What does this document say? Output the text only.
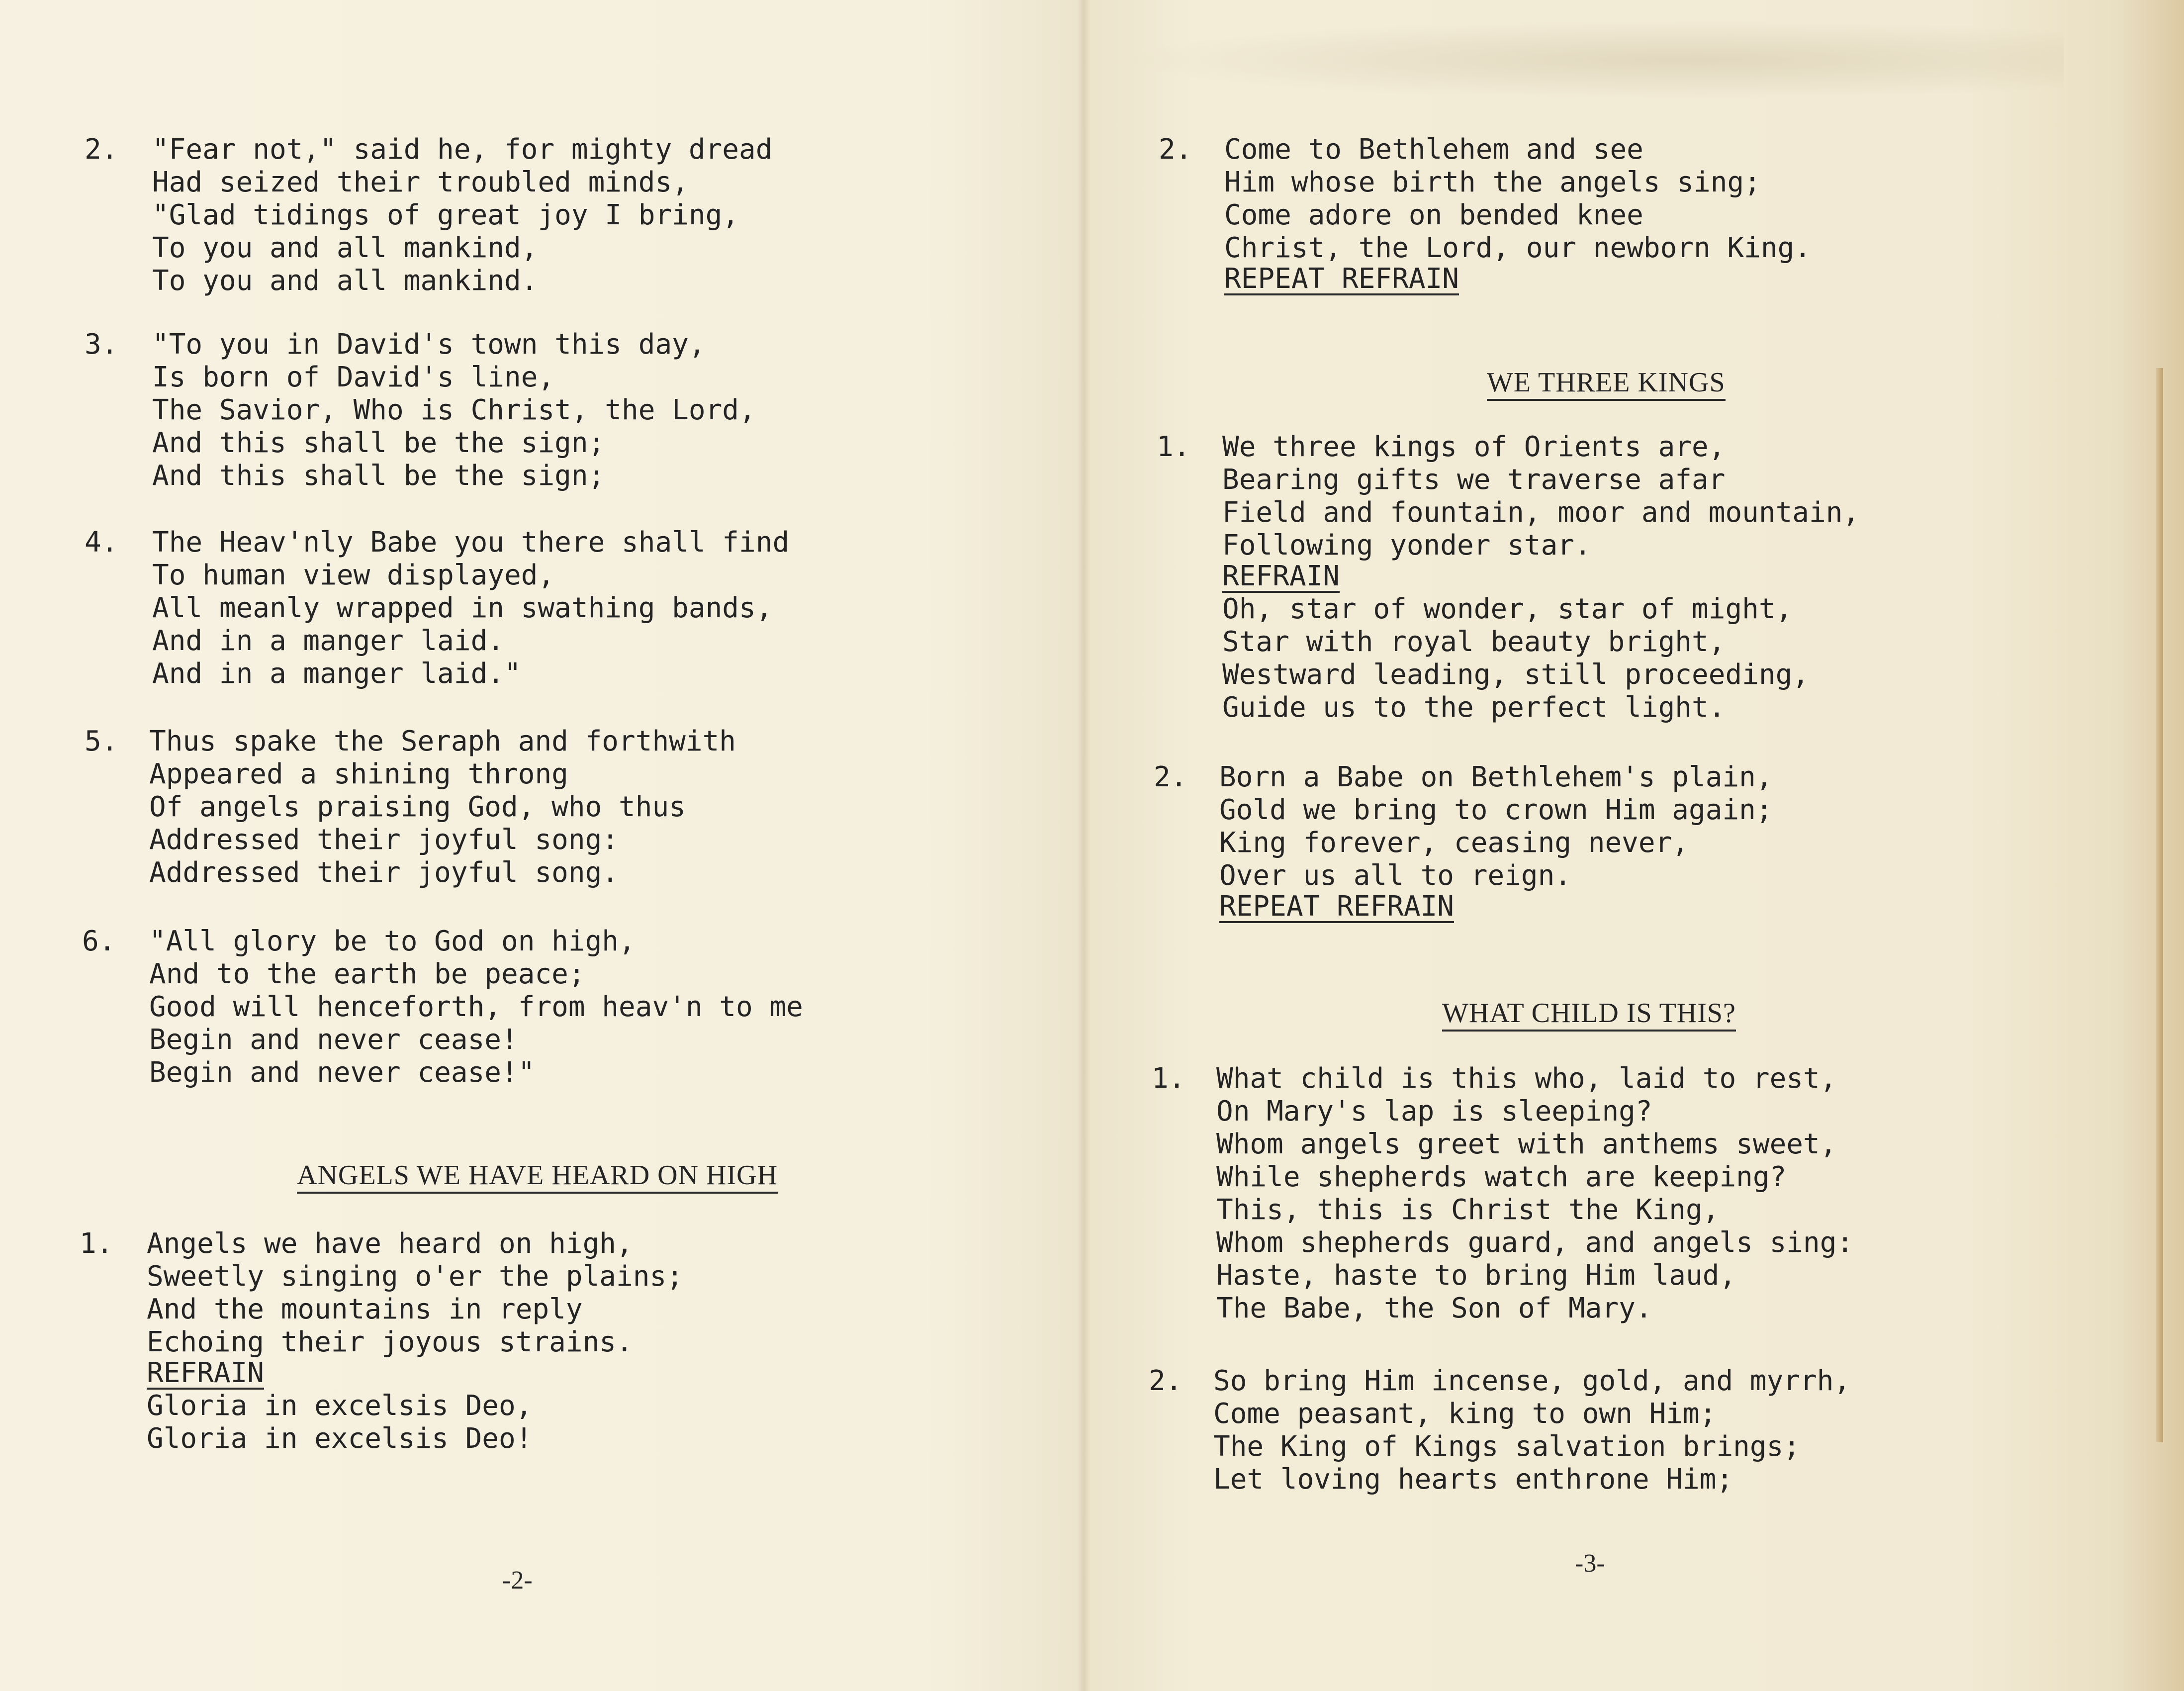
2. "Fear not," said he, for mighty dread
Had seized their troubled minds,
"Glad tidings of great joy I bring,
To you and all mankind,
To you and all mankind.
3. "To you in David's town this day,
Is born of David's line,
The Savior, Who is Christ, the Lord,
And this shall be the sign;
And this shall be the sign;
4. The Heav'nly Babe you there shall find
To human view displayed,
All meanly wrapped in swathing bands,
And in a manger laid.
And in a manger laid."
5. Thus spake the Seraph and forthwith
Appeared a shining throng
Of angels praising God, who thus
Addressed their joyful song:
Addressed their joyful song.
6. "All glory be to God on high,
And to the earth be peace;
Good will henceforth, from heav'n to me
Begin and never cease!
Begin and never cease!"
ANGELS WE HAVE HEARD ON HIGH
1. Angels we have heard on high,
Sweetly singing o'er the plains;
And the mountains in reply
Echoing their joyous strains.
REFRAIN
Gloria in excelsis Deo,
Gloria in excelsis Deo!
-2-
2. Come to Bethlehem and see
Him whose birth the angels sing;
Come adore on bended knee
Christ, the Lord, our newborn King.
REPEAT REFRAIN
WE THREE KINGS
1. We three kings of Orients are,
Bearing gifts we traverse afar
Field and fountain, moor and mountain,
Following yonder star.
REFRAIN
Oh, star of wonder, star of might,
Star with royal beauty bright,
Westward leading, still proceeding,
Guide us to the perfect light.
2. Born a Babe on Bethlehem's plain,
Gold we bring to crown Him again;
King forever, ceasing never,
Over us all to reign.
REPEAT REFRAIN
WHAT CHILD IS THIS?
1. What child is this who, laid to rest,
On Mary's lap is sleeping?
Whom angels greet with anthems sweet,
While shepherds watch are keeping?
This, this is Christ the King,
Whom shepherds guard, and angels sing:
Haste, haste to bring Him laud,
The Babe, the Son of Mary.
2. So bring Him incense, gold, and myrrh,
Come peasant, king to own Him;
The King of Kings salvation brings;
Let loving hearts enthrone Him;
-3-
